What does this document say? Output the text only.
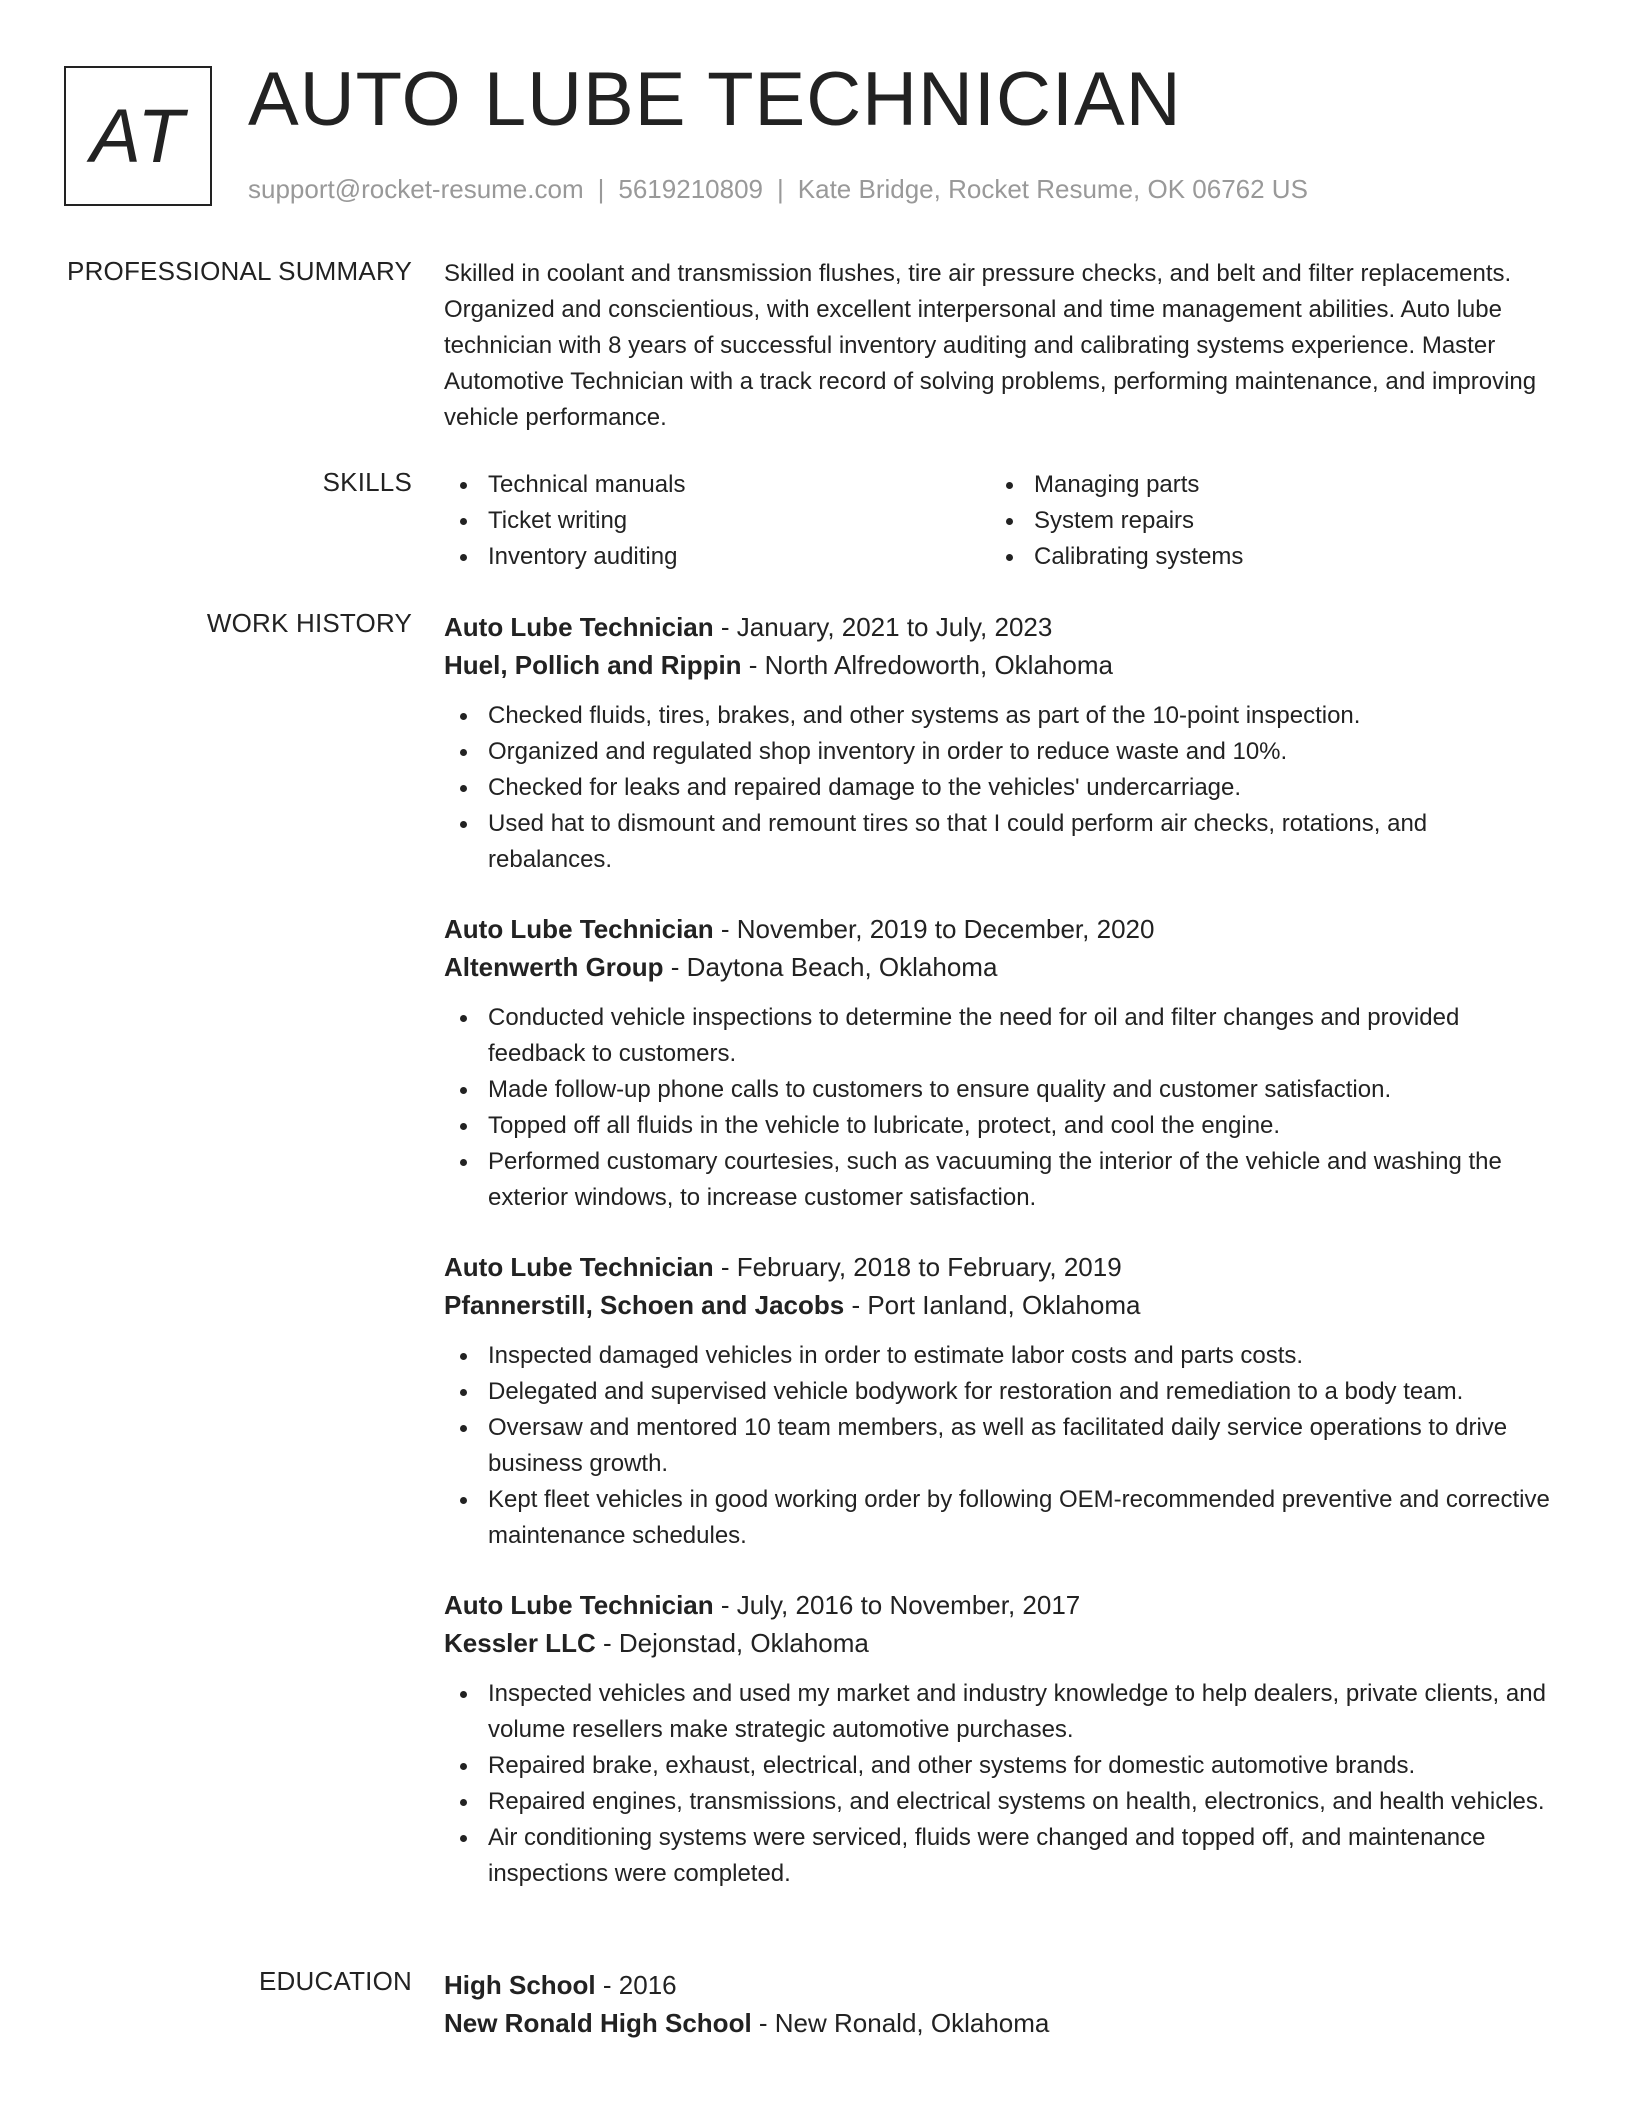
AT AUTO LUBE TECHNICIAN
support@rocket-resume.com | 5619210809 | Kate Bridge, Rocket Resume, OK 06762 US
PROFESSIONAL SUMMARY Skilled in coolant and transmission flushes, tire air pressure checks, and belt and filter replacements. Organized and conscientious, with excellent interpersonal and time management abilities. Auto lube technician with 8 years of successful inventory auditing and calibrating systems experience. Master Automotive Technician with a track record of solving problems, performing maintenance, and improving vehicle performance.

SKILLS	Technical manuals
Ticket writing
Inventory auditing
Managing parts
System repairs
Calibrating systems
WORK HISTORY Auto Lube Technician - January, 2021 to July, 2023
Huel, Pollich and Rippin - North Alfredoworth, Oklahoma
Checked fluids, tires, brakes, and other systems as part of the 10-point inspection.
Organized and regulated shop inventory in order to reduce waste and 10%.
Checked for leaks and repaired damage to the vehicles' undercarriage.
Used hat to dismount and remount tires so that I could perform air checks, rotations, and rebalances.
Auto Lube Technician - November, 2019 to December, 2020
Altenwerth Group - Daytona Beach, Oklahoma
Conducted vehicle inspections to determine the need for oil and filter changes and provided feedback to customers.
Made follow-up phone calls to customers to ensure quality and customer satisfaction.
Topped off all fluids in the vehicle to lubricate, protect, and cool the engine.
Performed customary courtesies, such as vacuuming the interior of the vehicle and washing the exterior windows, to increase customer satisfaction.
Auto Lube Technician - February, 2018 to February, 2019
Pfannerstill, Schoen and Jacobs - Port Ianland, Oklahoma
Inspected damaged vehicles in order to estimate labor costs and parts costs.
Delegated and supervised vehicle bodywork for restoration and remediation to a body team.
Oversaw and mentored 10 team members, as well as facilitated daily service operations to drive business growth.
Kept fleet vehicles in good working order by following OEM-recommended preventive and corrective maintenance schedules.
Auto Lube Technician - July, 2016 to November, 2017
Kessler LLC - Dejonstad, Oklahoma
Inspected vehicles and used my market and industry knowledge to help dealers, private clients, and volume resellers make strategic automotive purchases.
Repaired brake, exhaust, electrical, and other systems for domestic automotive brands.
Repaired engines, transmissions, and electrical systems on health, electronics, and health vehicles.
Air conditioning systems were serviced, fluids were changed and topped off, and maintenance inspections were completed.
EDUCATION High School - 2016
New Ronald High School - New Ronald, Oklahoma
